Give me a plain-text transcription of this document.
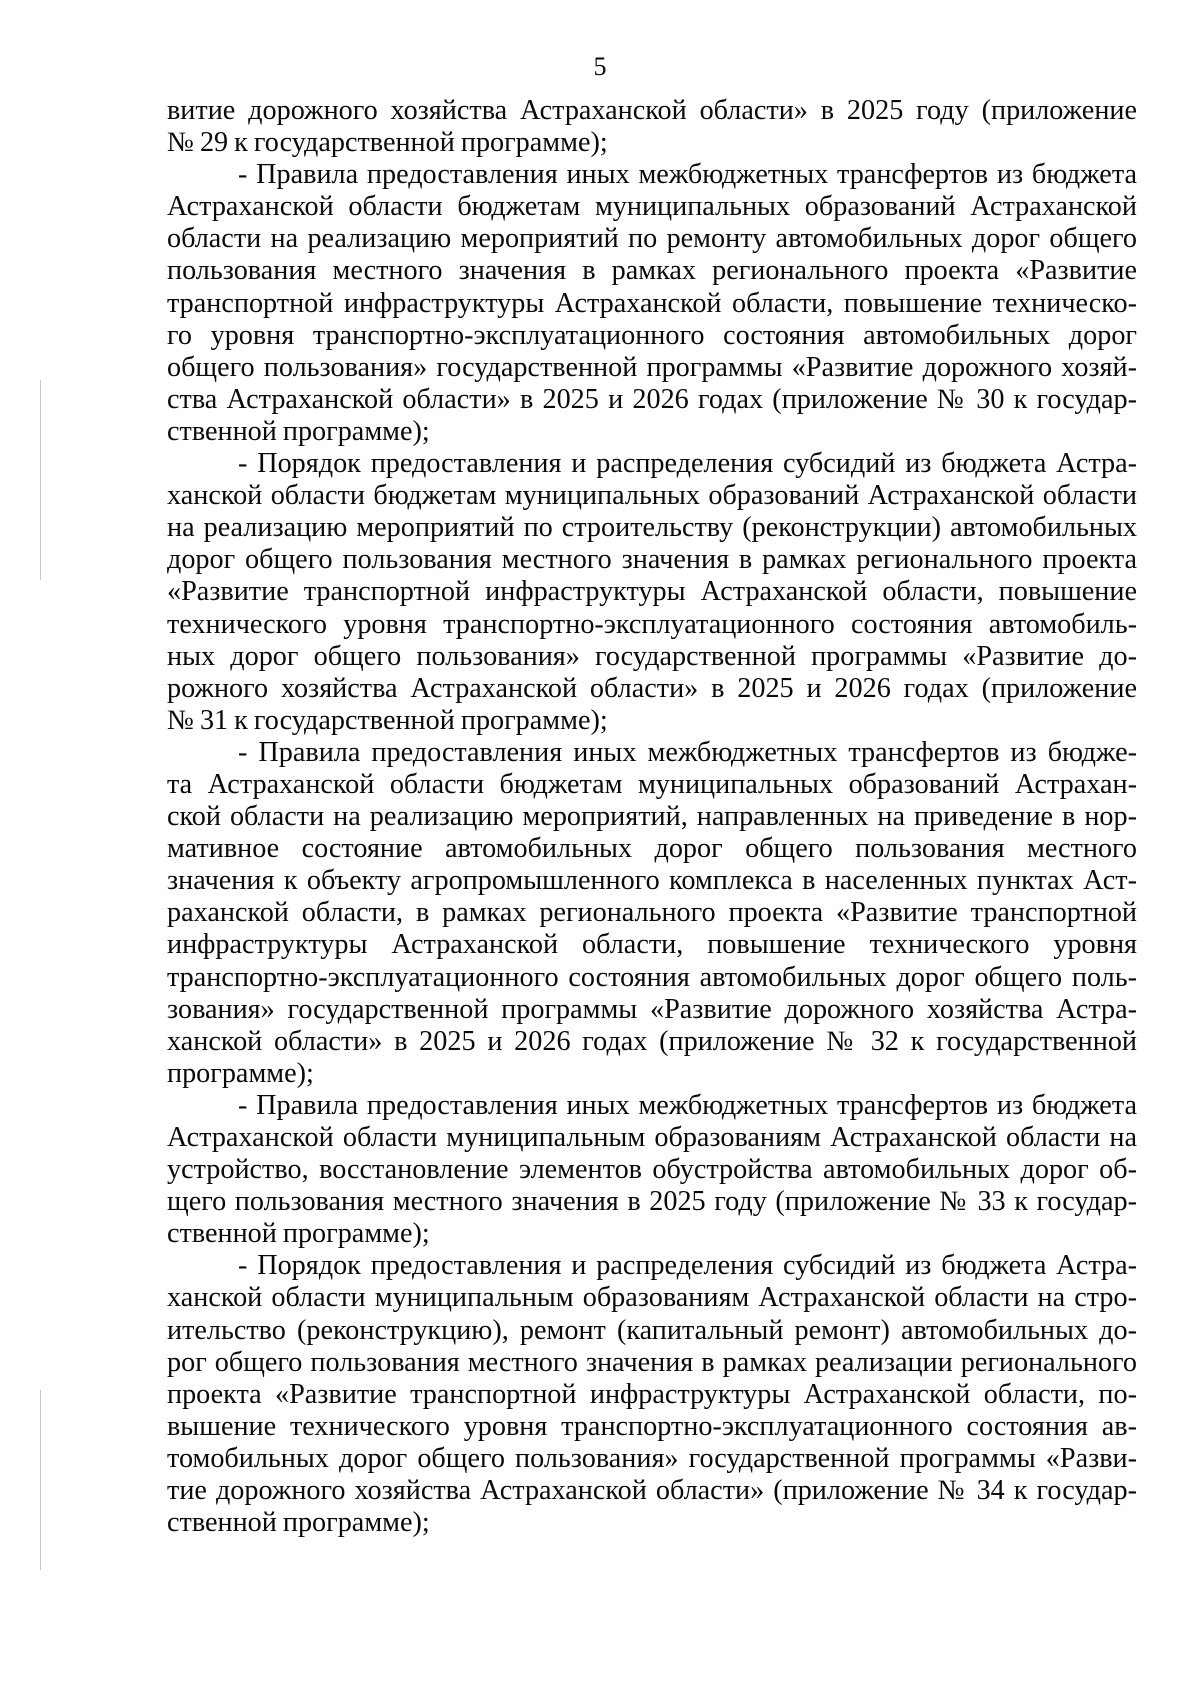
5
витие дорожного хозяйства Астраханской области» в 2025 году (приложение
№ 29 к государственной программе);
- Правила предоставления иных межбюджетных трансфертов из бюджета
Астраханской области бюджетам муниципальных образований Астраханской
области на реализацию мероприятий по ремонту автомобильных дорог общего
пользования местного значения в рамках регионального проекта «Развитие
транспортной инфраструктуры Астраханской области, повышение техническо-
го уровня транспортно-эксплуатационного состояния автомобильных дорог
общего пользования» государственной программы «Развитие дорожного хозяй-
ства Астраханской области» в 2025 и 2026 годах (приложение № 30 к государ-
ственной программе);
- Порядок предоставления и распределения субсидий из бюджета Астра-
ханской области бюджетам муниципальных образований Астраханской области
на реализацию мероприятий по строительству (реконструкции) автомобильных
дорог общего пользования местного значения в рамках регионального проекта
«Развитие транспортной инфраструктуры Астраханской области, повышение
технического уровня транспортно-эксплуатационного состояния автомобиль-
ных дорог общего пользования» государственной программы «Развитие до-
рожного хозяйства Астраханской области» в 2025 и 2026 годах (приложение
№ 31 к государственной программе);
- Правила предоставления иных межбюджетных трансфертов из бюдже-
та Астраханской области бюджетам муниципальных образований Астрахан-
ской области на реализацию мероприятий, направленных на приведение в нор-
мативное состояние автомобильных дорог общего пользования местного
значения к объекту агропромышленного комплекса в населенных пунктах Аст-
раханской области, в рамках регионального проекта «Развитие транспортной
инфраструктуры Астраханской области, повышение технического уровня
транспортно-эксплуатационного состояния автомобильных дорог общего поль-
зования» государственной программы «Развитие дорожного хозяйства Астра-
ханской области» в 2025 и 2026 годах (приложение № 32 к государственной
программе);
- Правила предоставления иных межбюджетных трансфертов из бюджета
Астраханской области муниципальным образованиям Астраханской области на
устройство, восстановление элементов обустройства автомобильных дорог об-
щего пользования местного значения в 2025 году (приложение № 33 к государ-
ственной программе);
- Порядок предоставления и распределения субсидий из бюджета Астра-
ханской области муниципальным образованиям Астраханской области на стро-
ительство (реконструкцию), ремонт (капитальный ремонт) автомобильных до-
рог общего пользования местного значения в рамках реализации регионального
проекта «Развитие транспортной инфраструктуры Астраханской области, по-
вышение технического уровня транспортно-эксплуатационного состояния ав-
томобильных дорог общего пользования» государственной программы «Разви-
тие дорожного хозяйства Астраханской области» (приложение № 34 к государ-
ственной программе);
